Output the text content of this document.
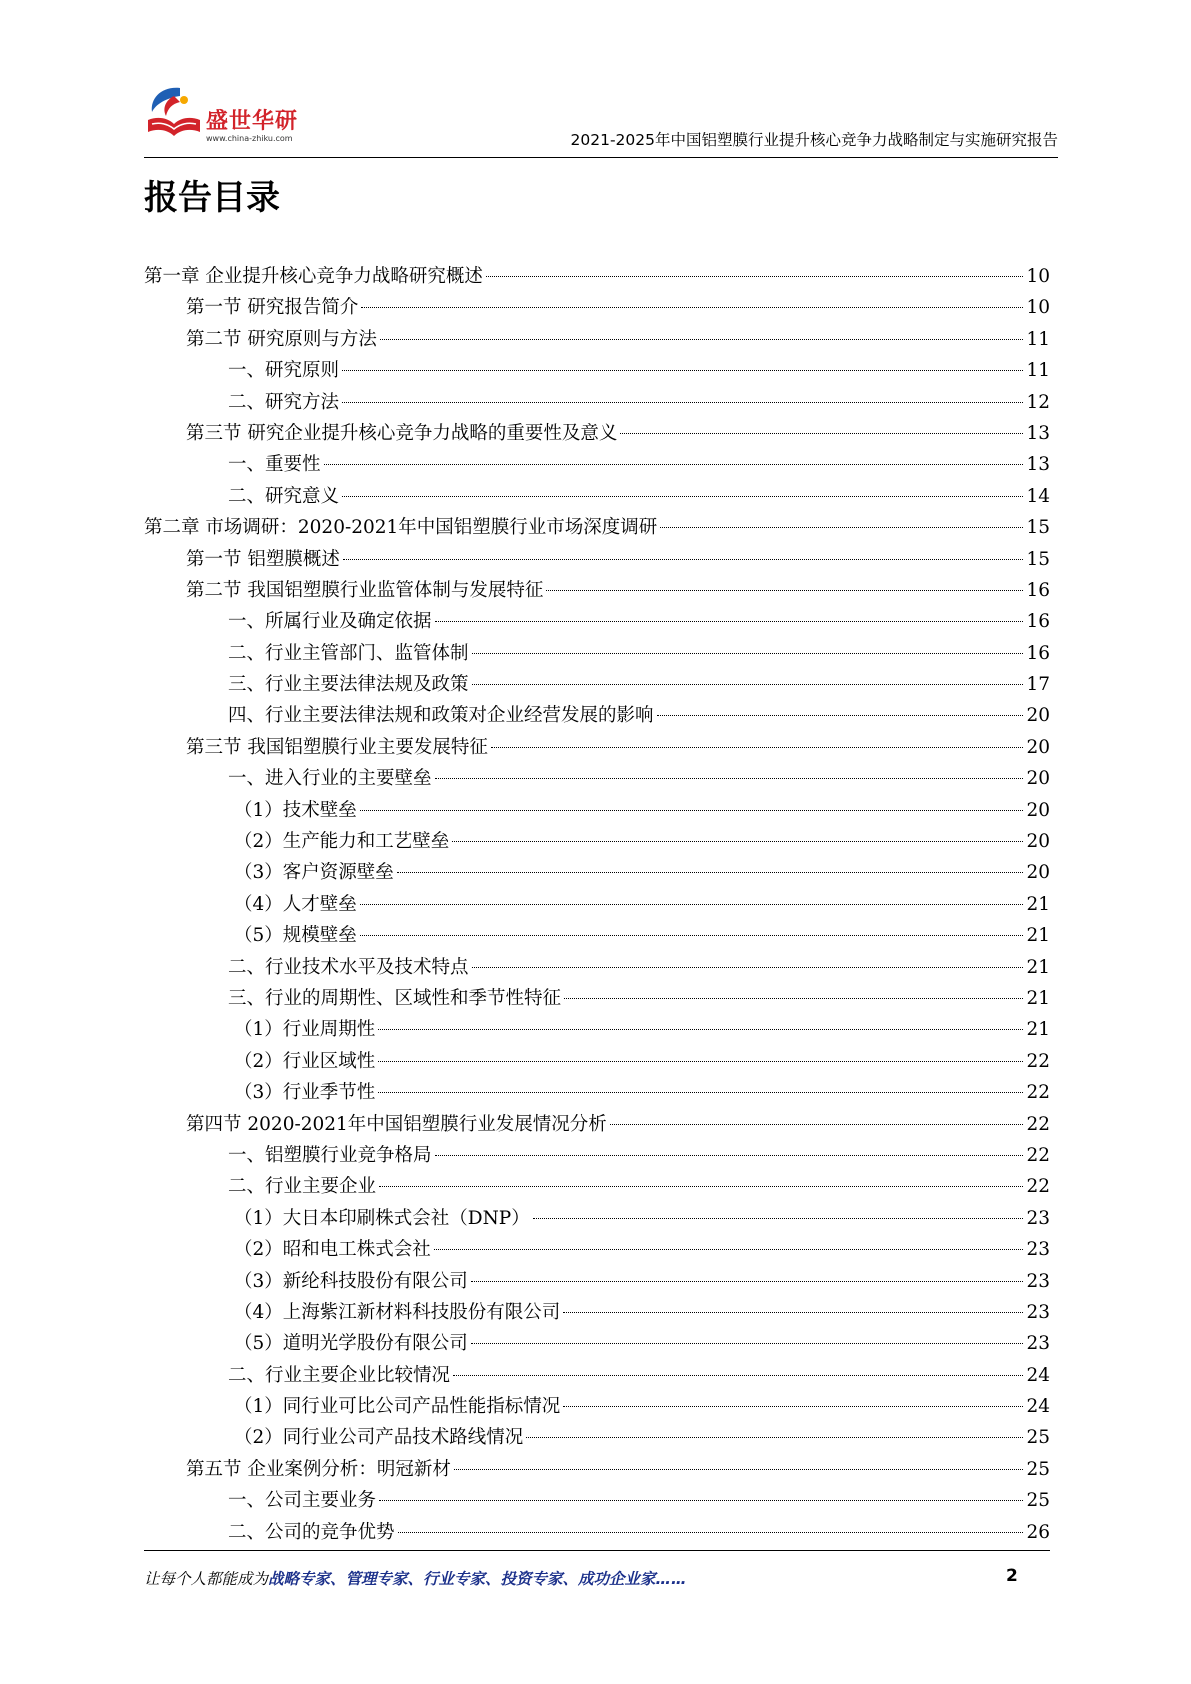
盛世华研
www.china-zhiku.com	2021-2025年中国铝塑膜行业提升核心竞争力战略制定与实施研究报告
报告目录
第一章 企业提升核心竞争力战略研究概述	10
第一节 研究报告简介	10
第二节 研究原则与方法	11
一、研究原则	11
二、研究方法	12
第三节 研究企业提升核心竞争力战略的重要性及意义	13
一、重要性	13
二、研究意义	14
第二章 市场调研：2020-2021年中国铝塑膜行业市场深度调研	15
第一节 铝塑膜概述	15
第二节 我国铝塑膜行业监管体制与发展特征	16
一、所属行业及确定依据	16
二、行业主管部门、监管体制	16
三、行业主要法律法规及政策	17
四、行业主要法律法规和政策对企业经营发展的影响	20
第三节 我国铝塑膜行业主要发展特征	20
一、进入行业的主要壁垒	20
（1）技术壁垒	20
（2）生产能力和工艺壁垒	20
（3）客户资源壁垒	20
（4）人才壁垒	21
（5）规模壁垒	21
二、行业技术水平及技术特点	21
三、行业的周期性、区域性和季节性特征	21
（1）行业周期性	21
（2）行业区域性	22
（3）行业季节性	22
第四节 2020-2021年中国铝塑膜行业发展情况分析	22
一、铝塑膜行业竞争格局	22
二、行业主要企业	22
（1）大日本印刷株式会社（DNP）	23
（2）昭和电工株式会社	23
（3）新纶科技股份有限公司	23
（4）上海紫江新材料科技股份有限公司	23
（5）道明光学股份有限公司	23
二、行业主要企业比较情况	24
（1）同行业可比公司产品性能指标情况	24
（2）同行业公司产品技术路线情况	25
第五节 企业案例分析：明冠新材	25
一、公司主要业务	25
二、公司的竞争优势	26
让每个人都能成为战略专家、管理专家、行业专家、投资专家、成功企业家……	2
